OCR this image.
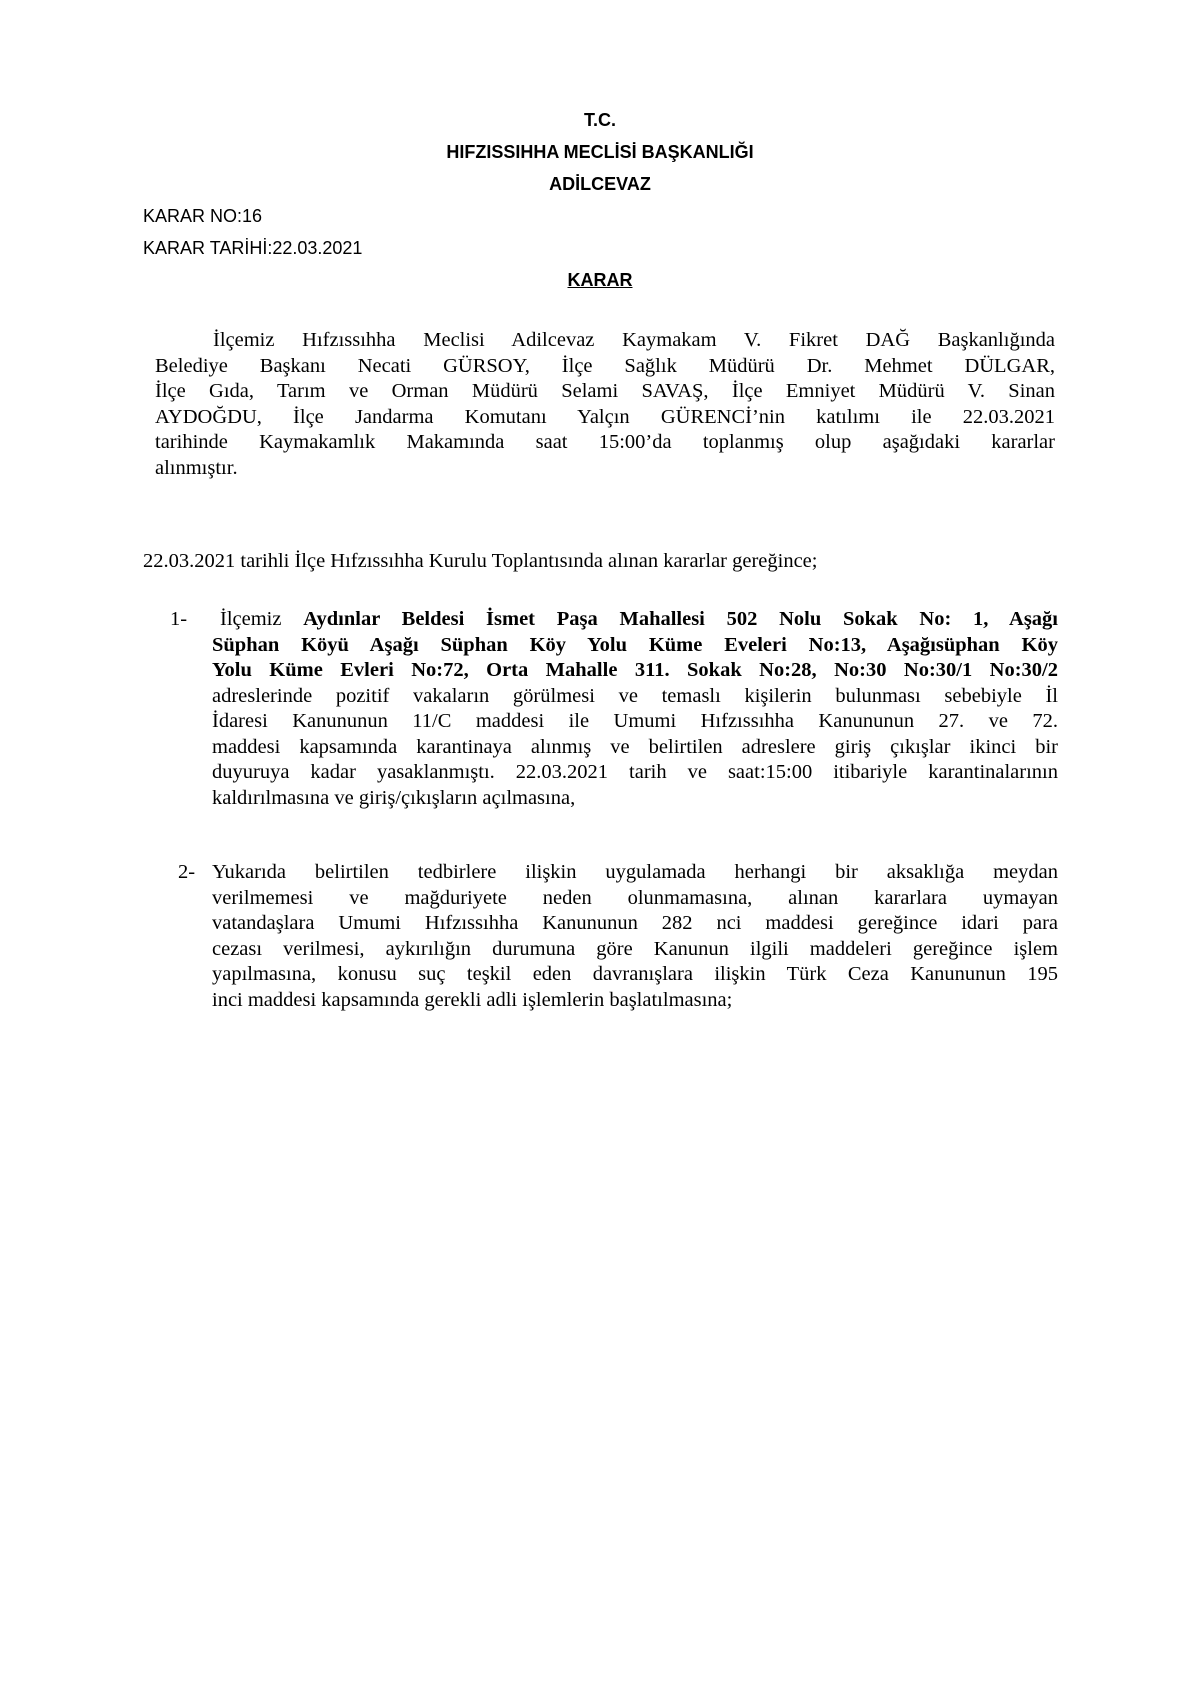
T.C.
HIFZISSIHHA MECLİSİ BAŞKANLIĞI
ADİLCEVAZ
KARAR NO:16
KARAR TARİHİ:22.03.2021
KARAR
İlçemiz Hıfzıssıhha Meclisi Adilcevaz Kaymakam V. Fikret DAĞ Başkanlığında
Belediye Başkanı Necati GÜRSOY, İlçe Sağlık Müdürü Dr. Mehmet DÜLGAR,
İlçe Gıda, Tarım ve Orman Müdürü Selami SAVAŞ, İlçe Emniyet Müdürü V. Sinan
AYDOĞDU, İlçe Jandarma Komutanı Yalçın GÜRENCİ’nin katılımı ile 22.03.2021
tarihinde Kaymakamlık Makamında saat 15:00’da toplanmış olup aşağıdaki kararlar
alınmıştır.
22.03.2021 tarihli İlçe Hıfzıssıhha Kurulu Toplantısında alınan kararlar gereğince;
1-	İlçemiz Aydınlar Beldesi İsmet Paşa Mahallesi 502 Nolu Sokak No: 1, Aşağı
Süphan Köyü Aşağı Süphan Köy Yolu Küme Eveleri No:13, Aşağısüphan Köy
Yolu Küme Evleri No:72, Orta Mahalle 311. Sokak No:28, No:30 No:30/1 No:30/2
adreslerinde pozitif vakaların görülmesi ve temaslı kişilerin bulunması sebebiyle İl
İdaresi Kanununun 11/C maddesi ile Umumi Hıfzıssıhha Kanununun 27. ve 72.
maddesi kapsamında karantinaya alınmış ve belirtilen adreslere giriş çıkışlar ikinci bir
duyuruya kadar yasaklanmıştı. 22.03.2021 tarih ve saat:15:00 itibariyle karantinalarının
kaldırılmasına ve giriş/çıkışların açılmasına,
2- Yukarıda belirtilen tedbirlere ilişkin uygulamada herhangi bir aksaklığa meydan
verilmemesi ve mağduriyete neden olunmamasına, alınan kararlara uymayan
vatandaşlara Umumi Hıfzıssıhha Kanununun 282 nci maddesi gereğince idari para
cezası verilmesi, aykırılığın durumuna göre Kanunun ilgili maddeleri gereğince işlem
yapılmasına, konusu suç teşkil eden davranışlara ilişkin Türk Ceza Kanununun 195
inci maddesi kapsamında gerekli adli işlemlerin başlatılmasına;
